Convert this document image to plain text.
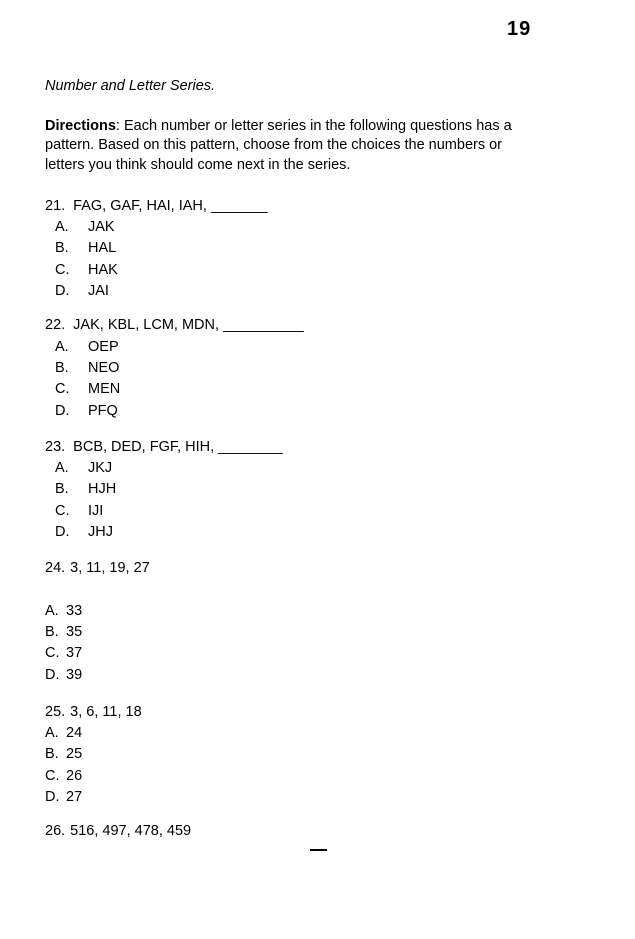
19
Number and Letter Series.
Directions: Each number or letter series in the following questions has a
pattern. Based on this pattern, choose from the choices the numbers or
letters you think should come next in the series.
21. FAG, GAF, HAI, IAH, _______
A.	JAK
B.	HAL
C.	HAK
D.	JAI
22. JAK, KBL, LCM, MDN, __________
A.	OEP
B.	NEO
C.	MEN
D.	PFQ
23. BCB, DED, FGF, HIH, ________
A.	JKJ
B.	HJH
C.	IJI
D.	JHJ
24. 3, 11, 19, 27
A. 33
B. 35
C. 37
D. 39
25. 3, 6, 11, 18
A. 24
B. 25
C. 26
D. 27
26. 516, 497, 478, 459
